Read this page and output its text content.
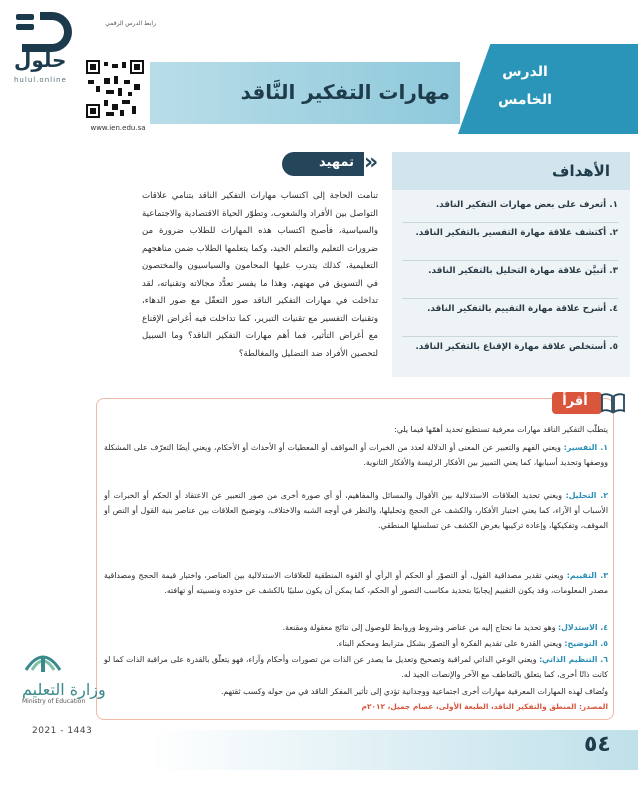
حلول
hulul.online
رابط الدرس الرقمي
www.ien.edu.sa
مهارات التفكير النَّاقد
الدرس
الخامس
تمهيد »
تنامت الحاجة إلى اكتساب مهارات التفكير الناقد بتنامي علاقات التواصل بين الأفراد والشعوب، وتطوّر الحياة الاقتصادية والاجتماعية والسياسية، فأصبح اكتساب هذه المهارات للطلاب ضرورة من ضرورات التعليم والتعلم الجيد، وكما يتعلمها الطلاب ضمن مناهجهم التعليمية، كذلك يتدرب عليها المحامون والسياسيون والمختصون في التسويق في مهنهم، وهذا ما يفسر تعدُّد مجالاته وتقنياته، لقد تداخلت في مهارات التفكير الناقد صور التعقّل مع صور الدهاء، وتقنيات التفسير مع تقنيات التبرير، كما تداخلت فيه أغراض الإقناع مع أغراض التأثير، فما أهم مهارات التفكير الناقد؟ وما السبيل لتحصين الأفراد ضد التضليل والمغالطة؟
الأهداف
١. أتعرف على بعض مهارات التفكير الناقد.
٢. أكتشف علاقة مهارة التفسير بالتفكير الناقد.
٣. أتبيَّن علاقة مهارة التحليل بالتفكير الناقد.
٤. أشرح علاقة مهارة التقييم بالتفكير الناقد.
٥. أستخلص علاقة مهارة الإقناع بالتفكير الناقد.
أقرأ
يتطلّب التفكير الناقد مهارات معرفية تستطيع تحديد أهمّها فيما يلي:
١. التفسير: ويعني الفهم والتعبير عن المعنى أو الدلالة لعدد من الخبرات أو المواقف أو المعطيات أو الأحداث أو الأحكام، ويعني أيضًا التعرّف على المشكلة ووصفها وتحديد أسبابها، كما يعني التمييز بين الأفكار الرئيسة والأفكار الثانوية.
٢. التحليل: ويعني تحديد العلاقات الاستدلالية بين الأقوال والمسائل والمفاهيم، أو أي صورة أخرى من صور التعبير عن الاعتقاد أو الحكم أو الخبرات أو الأسباب أو الآراء، كما يعني اختبار الأفكار، والكشف عن الحجج وتحليلها، والنظر في أوجه الشبه والاختلاف، وتوضيح العلاقات بين عناصر بنية القول أو النص أو الموقف، وتفكيكها، وإعادة تركيبها بغرض الكشف عن تسلسلها المنطقي.
٣. التقييم: ويعني تقدير مصداقية القول، أو التصوّر أو الحكم أو الرأي أو القوة المنطقية للعلاقات الاستدلالية بين العناصر، واختبار قيمة الحجج ومصداقية مصدر المعلومات، وقد يكون التقييم إيجابيًا بتحديد مكاسب التصور أو الحكم، كما يمكن أن يكون سلبيًا بالكشف عن حدوده ونسبيته أو تهافته.
٤. الاستدلال: وهو تحديد ما نحتاج إليه من عناصر وشروط وروابط للوصول إلى نتائج معقولة ومقنعة.
٥. التوضيح: ويعني القدرة على تقديم الفكرة أو التصوّر بشكل مترابط ومحكم البناء.
٦. التنظيم الذاتي: ويعني الوعي الذاتي لمراقبة وتصحيح وتعديل ما يصدر عن الذات من تصورات وأحكام وآراء، فهو يتعلّق بالقدرة على مراقبة الذات كما لو كانت ذاتًا أخرى، كما يتعلق بالتعاطف مع الآخر والإنصات الجيد له.
وتُضاف لهذه المهارات المعرفية مهارات أخرى اجتماعية ووجدانية تؤدي إلى تأثير المفكر الناقد في من حوله وكسب ثقتهم.
المصدر: المنطق والتفكير الناقد، الطبعة الأولى، عصام جميل، ٢٠١٢م
وزارة التعليم
Ministry of Education
2021 - 1443
٥٤
